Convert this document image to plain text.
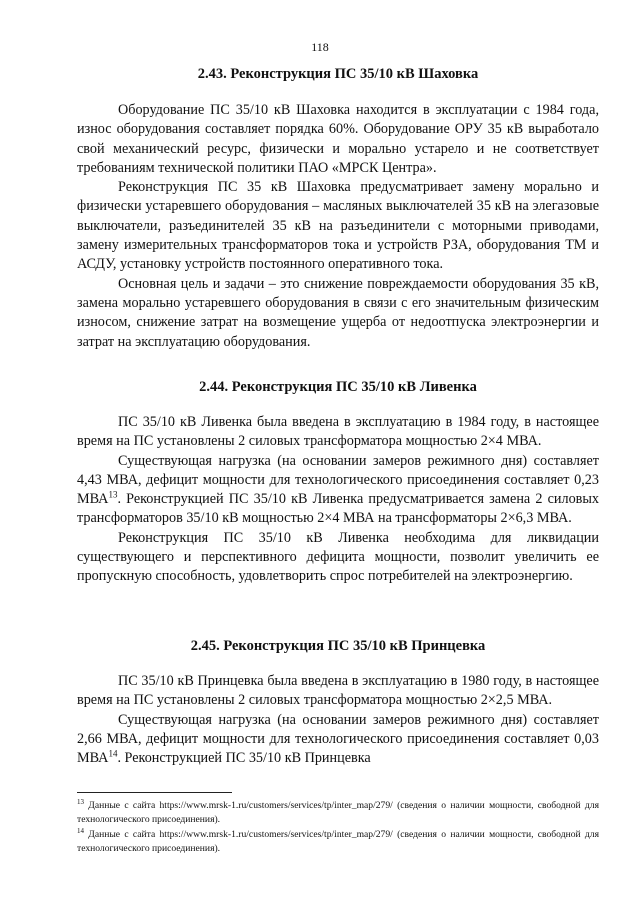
118
2.43. Реконструкция ПС 35/10 кВ Шаховка

Оборудование ПС 35/10 кВ Шаховка находится в эксплуатации с 1984 года, износ оборудования составляет порядка 60%. Оборудование ОРУ 35 кВ выработало свой механический ресурс, физически и морально устарело и не соответствует требованиям технической политики ПАО «МРСК Центра».

Реконструкция ПС 35 кВ Шаховка предусматривает замену морально и физически устаревшего оборудования – масляных выключателей 35 кВ на элегазовые выключатели, разъединителей 35 кВ на разъединители с моторными приводами, замену измерительных трансформаторов тока и устройств РЗА, оборудования ТМ и АСДУ, установку устройств постоянного оперативного тока.

Основная цель и задачи – это снижение повреждаемости оборудования 35 кВ, замена морально устаревшего оборудования в связи с его значительным физическим износом, снижение затрат на возмещение ущерба от недоотпуска электроэнергии и затрат на эксплуатацию оборудования.

2.44. Реконструкция ПС 35/10 кВ Ливенка

ПС 35/10 кВ Ливенка была введена в эксплуатацию в 1984 году, в настоящее время на ПС установлены 2 силовых трансформатора мощностью 2×4 МВА.

Существующая нагрузка (на основании замеров режимного дня) составляет 4,43 МВА, дефицит мощности для технологического присоединения составляет 0,23 МВА$^{13}$. Реконструкцией ПС 35/10 кВ Ливенка предусматривается замена 2 силовых трансформаторов 35/10 кВ мощностью 2×4 МВА на трансформаторы 2×6,3 МВА.

Реконструкция ПС 35/10 кВ Ливенка необходима для ликвидации существующего и перспективного дефицита мощности, позволит увеличить ее пропускную способность, удовлетворить спрос потребителей на электроэнергию.

2.45. Реконструкция ПС 35/10 кВ Принцевка

ПС 35/10 кВ Принцевка была введена в эксплуатацию в 1980 году, в настоящее время на ПС установлены 2 силовых трансформатора мощностью 2×2,5 МВА.

Существующая нагрузка (на основании замеров режимного дня) составляет 2,66 МВА, дефицит мощности для технологического присоединения составляет 0,03 МВА$^{14}$. Реконструкцией ПС 35/10 кВ Принцевка

$^{13}$ Данные с сайта https://www.mrsk-1.ru/customers/services/tp/inter_map/279/ (сведения о наличии мощности, свободной для технологического присоединения).

$^{14}$ Данные с сайта https://www.mrsk-1.ru/customers/services/tp/inter_map/279/ (сведения о наличии мощности, свободной для технологического присоединения).
